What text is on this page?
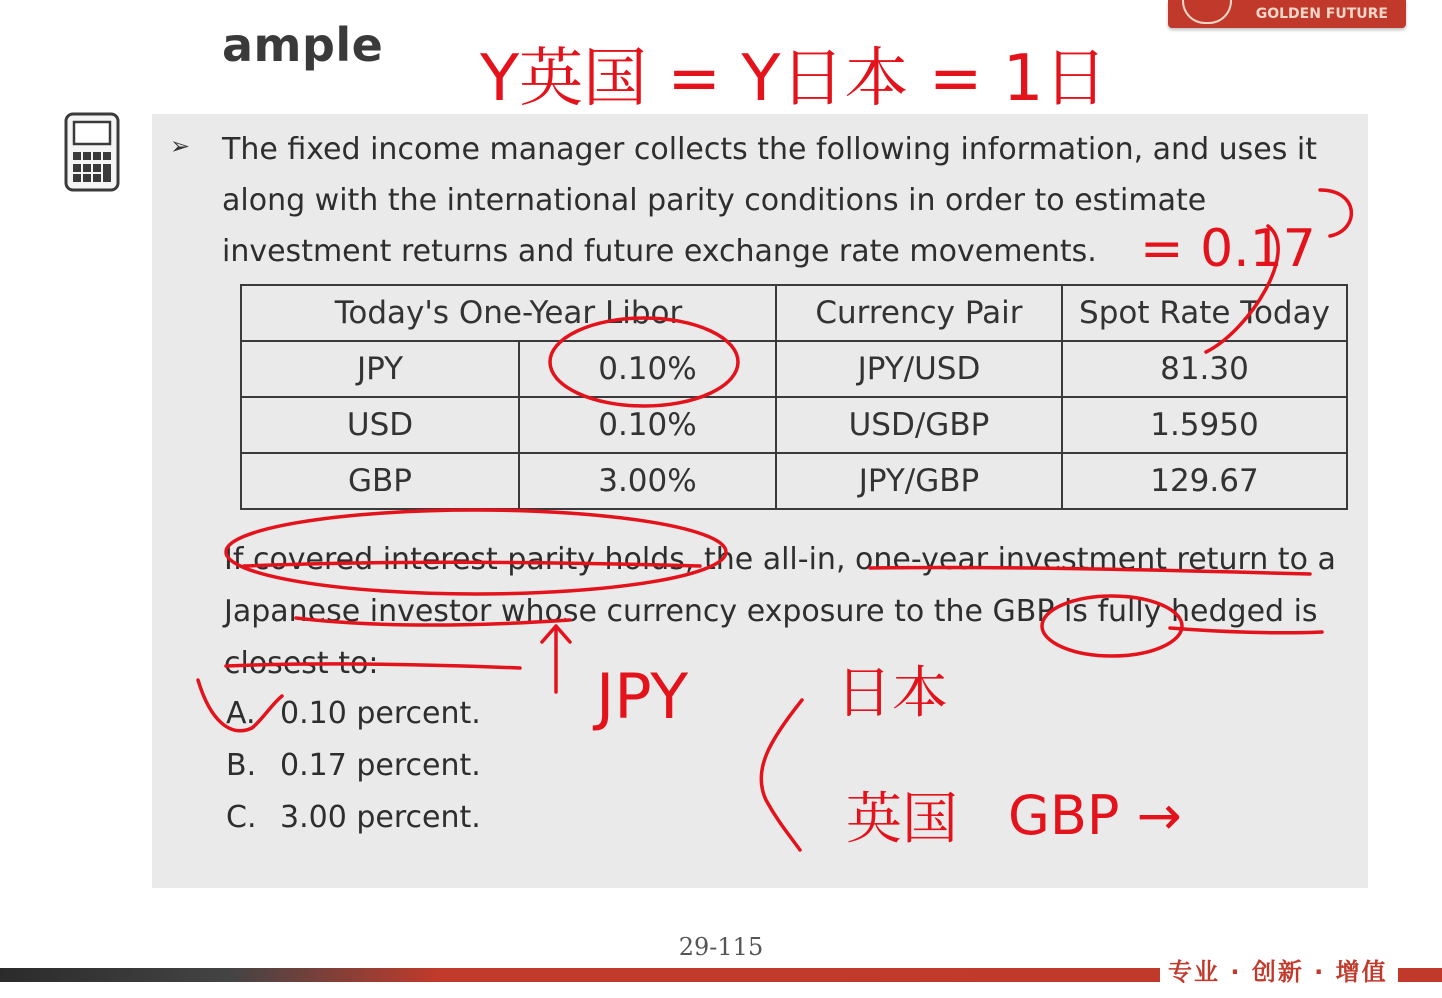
ample
GOLDEN FUTURE
➢ The fixed income manager collects the following information, and uses it along with the international parity conditions in order to estimate investment returns and future exchange rate movements.
Today's One-Year Libor		Currency Pair	Spot Rate Today
JPY	0.10%	JPY/USD	81.30
USD	0.10%	USD/GBP	1.5950
GBP	3.00%	JPY/GBP	129.67
If covered interest parity holds, the all-in, one-year investment return to a Japanese investor whose currency exposure to the GBP is fully hedged is closest to:
A. 0.10 percent.
B. 0.17 percent.
C. 3.00 percent.
29-115
专业 · 创新 · 增值
Y英国 = Y日本 = 1日
= 0.17
JPY	日本
英国 GBP →
